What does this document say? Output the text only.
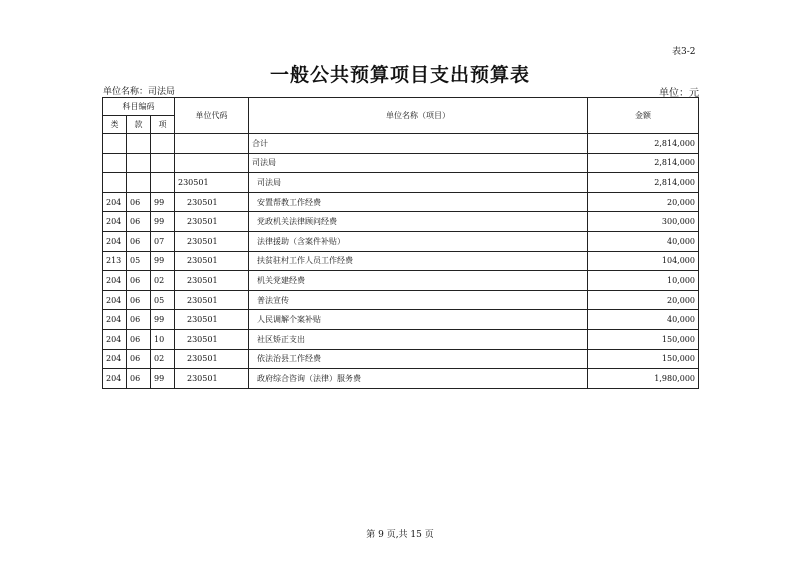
表3-2
一般公共预算项目支出预算表
单位名称：司法局	单位：元
科目编码			单位代码	单位名称（项目）	金额
类	款	项			
				合计	2,814,000
				司法局	2,814,000
			230501	司法局	2,814,000
204	06	99	230501	安置帮教工作经费	20,000
204	06	99	230501	党政机关法律顾问经费	300,000
204	06	07	230501	法律援助（含案件补贴）	40,000
213	05	99	230501	扶贫驻村工作人员工作经费	104,000
204	06	02	230501	机关党建经费	10,000
204	06	05	230501	普法宣传	20,000
204	06	99	230501	人民调解个案补贴	40,000
204	06	10	230501	社区矫正支出	150,000
204	06	02	230501	依法治县工作经费	150,000
204	06	99	230501	政府综合咨询（法律）服务费	1,980,000
第 9 页,共 15 页
